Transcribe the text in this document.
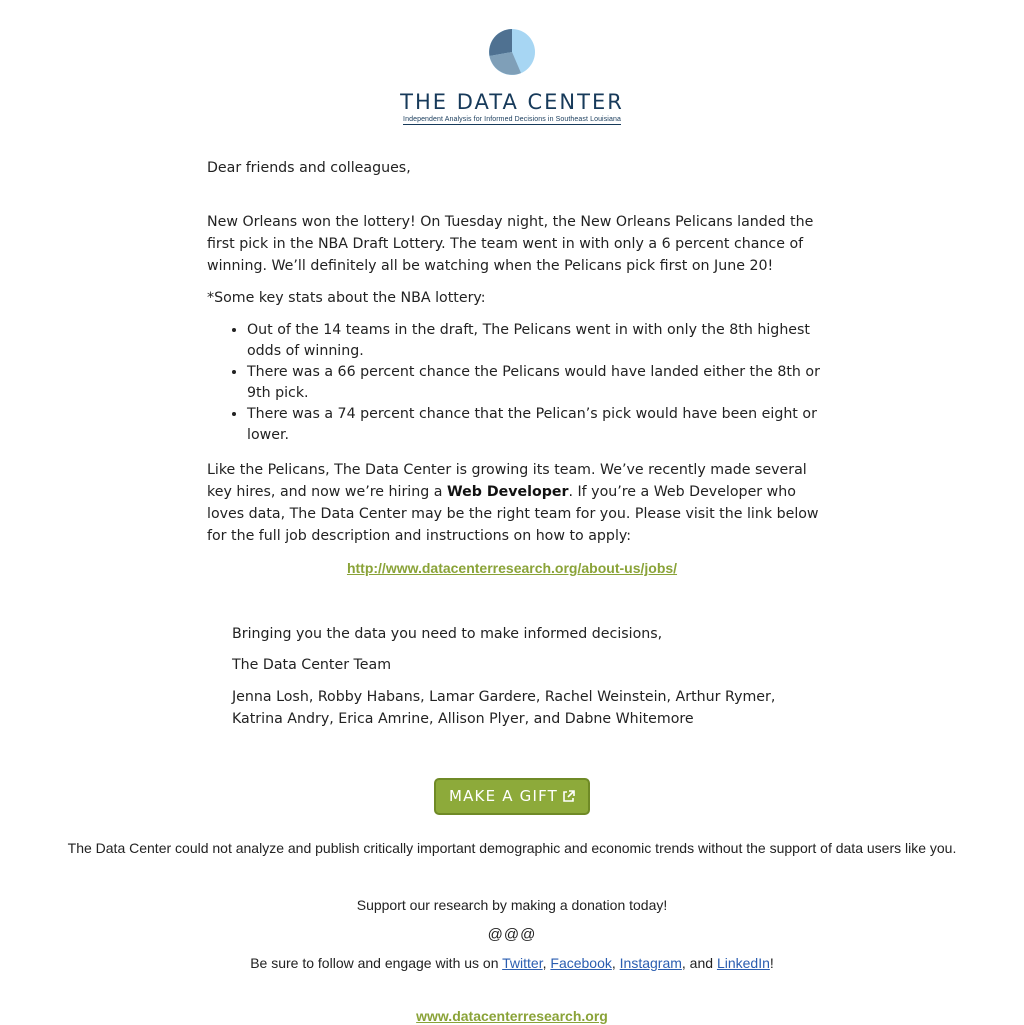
THE DATA CENTER
Independent Analysis for Informed Decisions in Southeast Louisiana

Dear friends and colleagues,

New Orleans won the lottery! On Tuesday night, the New Orleans Pelicans landed the first pick in the NBA Draft Lottery. The team went in with only a 6 percent chance of winning. We’ll definitely all be watching when the Pelicans pick first on June 20!

*Some key stats about the NBA lottery:

• Out of the 14 teams in the draft, The Pelicans went in with only the 8th highest odds of winning.
• There was a 66 percent chance the Pelicans would have landed either the 8th or 9th pick.
• There was a 74 percent chance that the Pelican’s pick would have been eight or lower.

Like the Pelicans, The Data Center is growing its team. We’ve recently made several key hires, and now we’re hiring a Web Developer. If you’re a Web Developer who loves data, The Data Center may be the right team for you. Please visit the link below for the full job description and instructions on how to apply:

http://www.datacenterresearch.org/about-us/jobs/
Bringing you the data you need to make informed decisions,
The Data Center Team
Jenna Losh, Robby Habans, Lamar Gardere, Rachel Weinstein, Arthur Rymer, Katrina Andry, Erica Amrine, Allison Plyer, and Dabne Whitemore
MAKE A GIFT
The Data Center could not analyze and publish critically important demographic and economic trends without the support of data users like you.
Support our research by making a donation today!
@@@
Be sure to follow and engage with us on Twitter, Facebook, Instagram, and LinkedIn!
www.datacenterresearch.org
